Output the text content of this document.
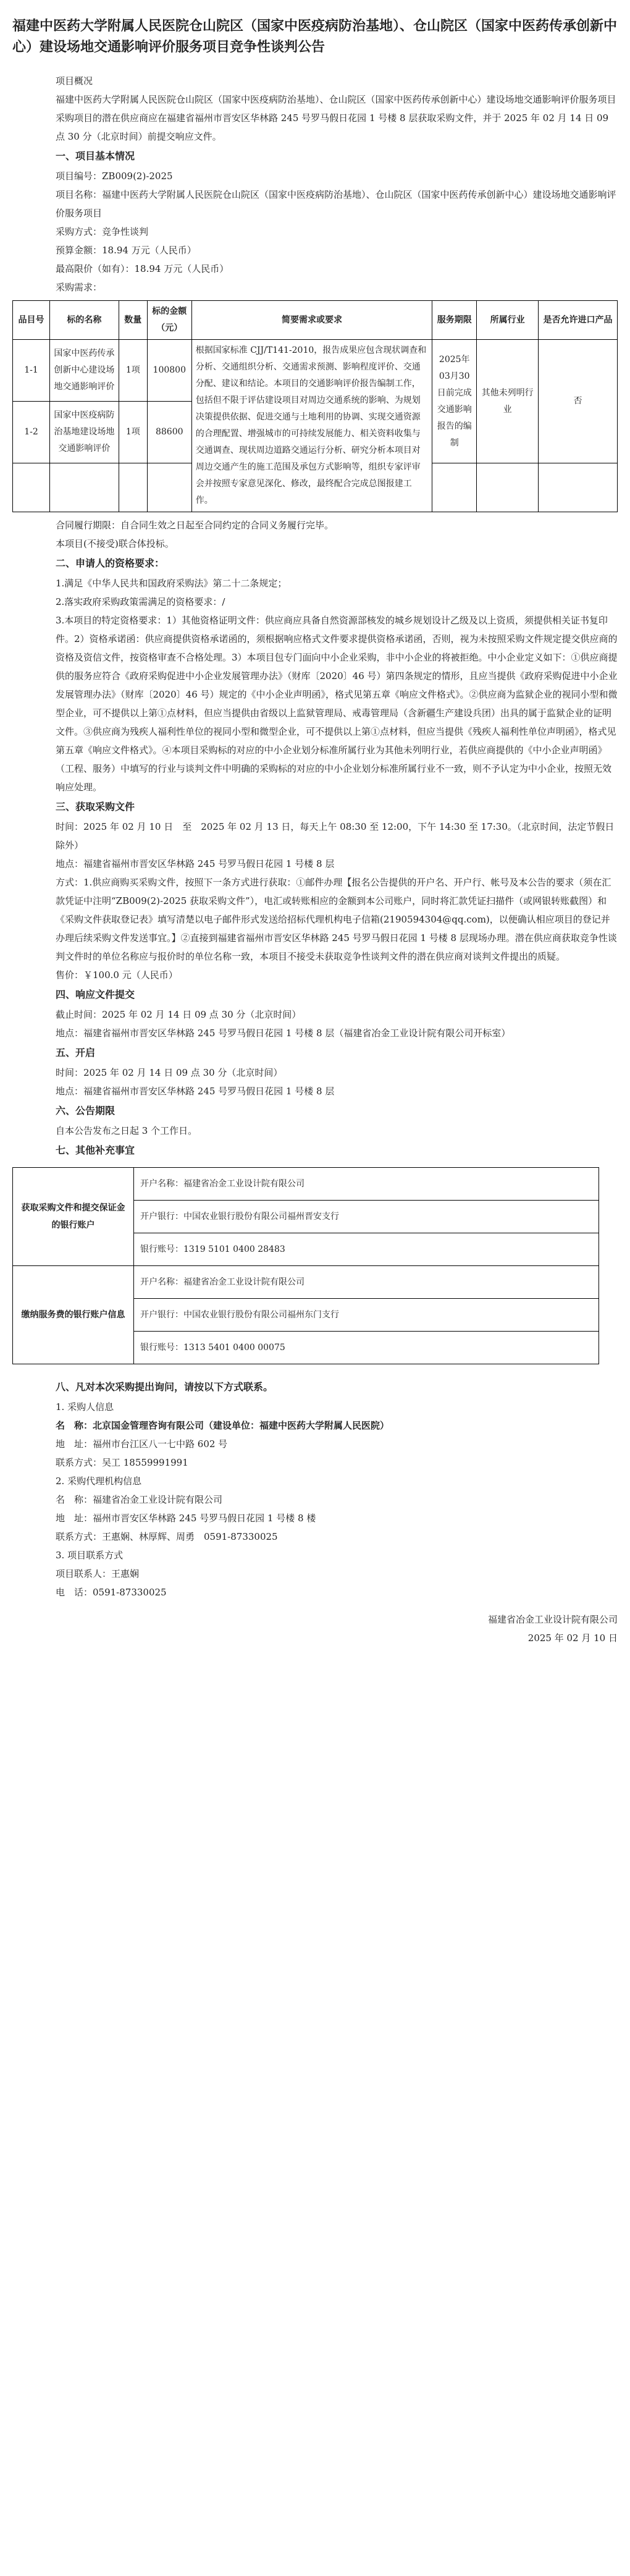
福建中医药大学附属人民医院仓山院区（国家中医疫病防治基地）、仓山院区（国家中医药传承创新中心）建设场地交通影响评价服务项目竞争性谈判公告

项目概况

福建中医药大学附属人民医院仓山院区（国家中医疫病防治基地）、仓山院区（国家中医药传承创新中心）建设场地交通影响评价服务项目　采购项目的潜在供应商应在福建省福州市晋安区华林路 245 号罗马假日花园 1 号楼 8 层获取采购文件，并于 2025 年 02 月 14 日 09 点 30 分（北京时间）前提交响应文件。

一、项目基本情况

项目编号：ZB009(2)-2025

项目名称：福建中医药大学附属人民医院仓山院区（国家中医疫病防治基地）、仓山院区（国家中医药传承创新中心）建设场地交通影响评价服务项目

采购方式：竞争性谈判

预算金额：18.94 万元（人民币）

最高限价（如有）：18.94 万元（人民币）

采购需求：

品目号	标的名称	数量	标的金额（元）	简要需求或要求	服务期限	所属行业	是否允许进口产品
1-1	国家中医药传承创新中心建设场地交通影响评价	1项	100800	根据国家标准 CJJ/T141-2010，报告成果应包含现状调查和分析、交通组织分析、交通需求预测、影响程度评价、交通分配、建议和结论。本项目的交通影响评价报告编制工作，包括但不限于评估建设项目对周边交通系统的影响、为规划决策提供依据、促进交通与土地利用的协调、实现交通资源的合理配置、增强城市的可持续发展能力、相关资料收集与交通调查、现状周边道路交通运行分析、研究分析本项目对周边交通产生的施工范围及承包方式影响等，组织专家评审会并按照专家意见深化、修改，最终配合完成总图报建工作。	2025年03月30日前完成交通影响报告的编制	其他未列明行业	否
1-2	国家中医疫病防治基地建设场地交通影响评价	1项	88600				

合同履行期限：自合同生效之日起至合同约定的合同义务履行完毕。

本项目(不接受)联合体投标。

二、申请人的资格要求：

1.满足《中华人民共和国政府采购法》第二十二条规定；

2.落实政府采购政策需满足的资格要求：/

3.本项目的特定资格要求：1）其他资格证明文件：供应商应具备自然资源部核发的城乡规划设计乙级及以上资质，须提供相关证书复印件。2）资格承诺函：供应商提供资格承诺函的，须根据响应格式文件要求提供资格承诺函，否则，视为未按照采购文件规定提交供应商的资格及资信文件，按资格审查不合格处理。3）本项目包专门面向中小企业采购，非中小企业的将被拒绝。中小企业定义如下：①供应商提供的服务应符合《政府采购促进中小企业发展管理办法》（财库〔2020〕46 号）第四条规定的情形，且应当提供《政府采购促进中小企业发展管理办法》（财库〔2020〕46 号）规定的《中小企业声明函》，格式见第五章《响应文件格式》。②供应商为监狱企业的视同小型和微型企业，可不提供以上第①点材料，但应当提供由省级以上监狱管理局、戒毒管理局（含新疆生产建设兵团）出具的属于监狱企业的证明文件。③供应商为残疾人福利性单位的视同小型和微型企业，可不提供以上第①点材料，但应当提供《残疾人福利性单位声明函》，格式见第五章《响应文件格式》。④本项目采购标的对应的中小企业划分标准所属行业为其他未列明行业，若供应商提供的《中小企业声明函》（工程、服务）中填写的行业与谈判文件中明确的采购标的对应的中小企业划分标准所属行业不一致，则不予认定为中小企业，按照无效响应处理。

三、获取采购文件

时间：2025 年 02 月 10 日　至　2025 年 02 月 13 日，每天上午 08:30 至 12:00，下午 14:30 至 17:30。（北京时间，法定节假日除外）

地点：福建省福州市晋安区华林路 245 号罗马假日花园 1 号楼 8 层

方式：1.供应商购买采购文件，按照下一条方式进行获取：①邮件办理【报名公告提供的开户名、开户行、帐号及本公告的要求（须在汇款凭证中注明“ZB009(2)-2025 获取采购文件”），电汇或转账相应的金额到本公司账户，同时将汇款凭证扫描件（或网银转账截图）和《采购文件获取登记表》填写清楚以电子邮件形式发送给招标代理机构电子信箱(2190594304@qq.com)，以便确认相应项目的登记并办理后续采购文件发送事宜。】②直接到福建省福州市晋安区华林路 245 号罗马假日花园 1 号楼 8 层现场办理。潜在供应商获取竞争性谈判文件时的单位名称应与报价时的单位名称一致，本项目不接受未获取竞争性谈判文件的潜在供应商对谈判文件提出的质疑。

售价：￥100.0 元（人民币）

四、响应文件提交

截止时间：2025 年 02 月 14 日 09 点 30 分（北京时间）

地点：福建省福州市晋安区华林路 245 号罗马假日花园 1 号楼 8 层（福建省冶金工业设计院有限公司开标室）

五、开启

时间：2025 年 02 月 14 日 09 点 30 分（北京时间）

地点：福建省福州市晋安区华林路 245 号罗马假日花园 1 号楼 8 层

六、公告期限

自本公告发布之日起 3 个工作日。

七、其他补充事宜

获取采购文件和提交保证金的银行账户	开户名称：福建省冶金工业设计院有限公司
	开户银行：中国农业银行股份有限公司福州晋安支行
	银行账号：1319 5101 0400 28483
缴纳服务费的银行账户信息	开户名称：福建省冶金工业设计院有限公司
	开户银行：中国农业银行股份有限公司福州东门支行
	银行账号：1313 5401 0400 00075

八、凡对本次采购提出询问，请按以下方式联系。

1. 采购人信息

名　称：北京国金管理咨询有限公司（建设单位：福建中医药大学附属人民医院）

地　址：福州市台江区八一七中路 602 号

联系方式：吴工 18559991991

2. 采购代理机构信息

名　称：福建省冶金工业设计院有限公司

地　址：福州市晋安区华林路 245 号罗马假日花园 1 号楼 8 楼

联系方式：王惠娴、林厚辉、周勇　0591-87330025

3. 项目联系方式

项目联系人：王惠娴

电　话：0591-87330025

福建省冶金工业设计院有限公司
2025 年 02 月 10 日
